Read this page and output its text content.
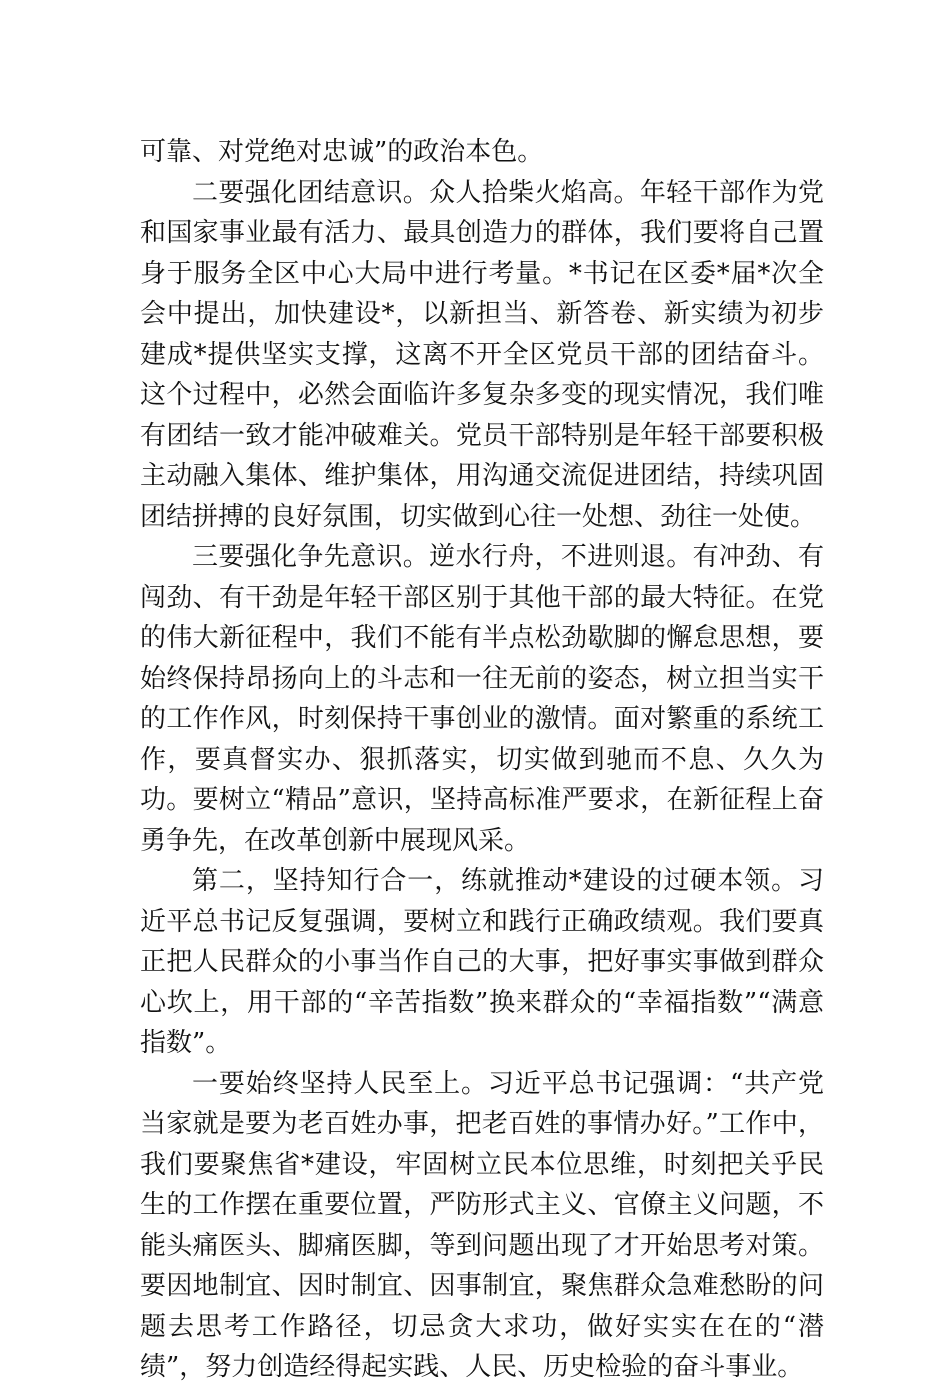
可靠、对党绝对忠诚”的政治本色。

二要强化团结意识。众人拾柴火焰高。年轻干部作为党和国家事业最有活力、最具创造力的群体，我们要将自己置身于服务全区中心大局中进行考量。*书记在区委*届*次全会中提出，加快建设*，以新担当、新答卷、新实绩为初步建成*提供坚实支撑，这离不开全区党员干部的团结奋斗。这个过程中，必然会面临许多复杂多变的现实情况，我们唯有团结一致才能冲破难关。党员干部特别是年轻干部要积极主动融入集体、维护集体，用沟通交流促进团结，持续巩固团结拼搏的良好氛围，切实做到心往一处想、劲往一处使。

三要强化争先意识。逆水行舟，不进则退。有冲劲、有闯劲、有干劲是年轻干部区别于其他干部的最大特征。在党的伟大新征程中，我们不能有半点松劲歇脚的懈怠思想，要始终保持昂扬向上的斗志和一往无前的姿态，树立担当实干的工作作风，时刻保持干事创业的激情。面对繁重的系统工作，要真督实办、狠抓落实，切实做到驰而不息、久久为功。要树立“精品”意识，坚持高标准严要求，在新征程上奋勇争先，在改革创新中展现风采。

第二，坚持知行合一，练就推动*建设的过硬本领。习近平总书记反复强调，要树立和践行正确政绩观。我们要真正把人民群众的小事当作自己的大事，把好事实事做到群众心坎上，用干部的“辛苦指数”换来群众的“幸福指数”“满意指数”。

一要始终坚持人民至上。习近平总书记强调：“共产党当家就是要为老百姓办事，把老百姓的事情办好。”工作中，我们要聚焦省*建设，牢固树立民本位思维，时刻把关乎民生的工作摆在重要位置，严防形式主义、官僚主义问题，不能头痛医头、脚痛医脚，等到问题出现了才开始思考对策。要因地制宜、因时制宜、因事制宜，聚焦群众急难愁盼的问题去思考工作路径，切忌贪大求功，做好实实在在的“潜绩”，努力创造经得起实践、人民、历史检验的奋斗事业。
